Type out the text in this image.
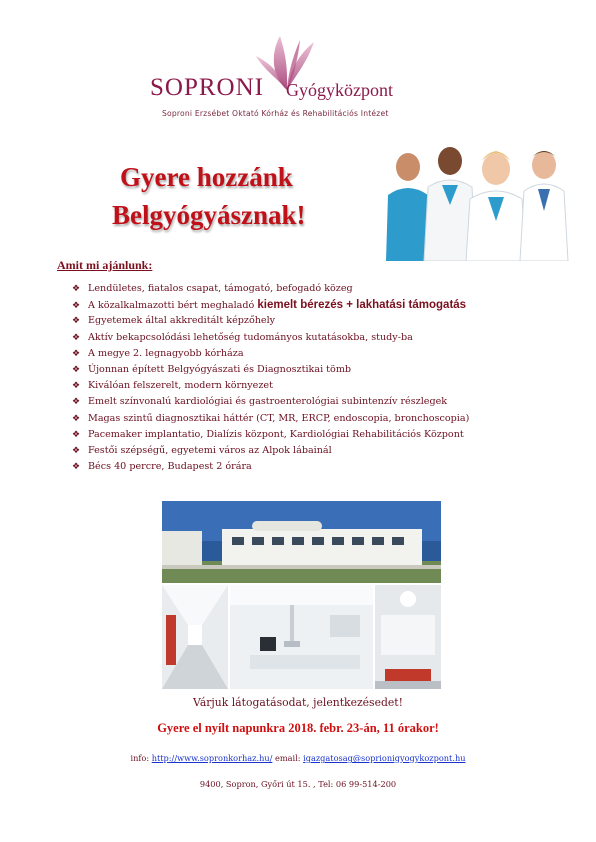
SOPRONI Gyógyközpont
Soproni Erzsébet Oktató Kórház és Rehabilitációs Intézet
Gyere hozzánk
Belgyógyásznak!
Amit mi ajánlunk:
❖ Lendületes, fiatalos csapat, támogató, befogadó közeg
❖ A közalkalmazotti bért meghaladó kiemelt bérezés + lakhatási támogatás
❖ Egyetemek által akkreditált képzőhely
❖ Aktív bekapcsolódási lehetőség tudományos kutatásokba, study-ba
❖ A megye 2. legnagyobb kórháza
❖ Újonnan épített Belgyógyászati és Diagnosztikai tömb
❖ Kiválóan felszerelt, modern környezet
❖ Emelt színvonalú kardiológiai és gastroenterológiai subintenzív részlegek
❖ Magas szintű diagnosztikai háttér (CT, MR, ERCP, endoscopia, bronchoscopia)
❖ Pacemaker implantatio, Dialízis központ, Kardiológiai Rehabilitációs Központ
❖ Festői szépségű, egyetemi város az Alpok lábainál
❖ Bécs 40 percre, Budapest 2 órára
Várjuk látogatásodat, jelentkezésedet!
Gyere el nyílt napunkra 2018. febr. 23-án, 11 órakor!
info: http://www.sopronkorhaz.hu/ email: igazgatosag@soprionigyogykozpont.hu
9400, Sopron, Győri út 15. , Tel: 06 99-514-200
